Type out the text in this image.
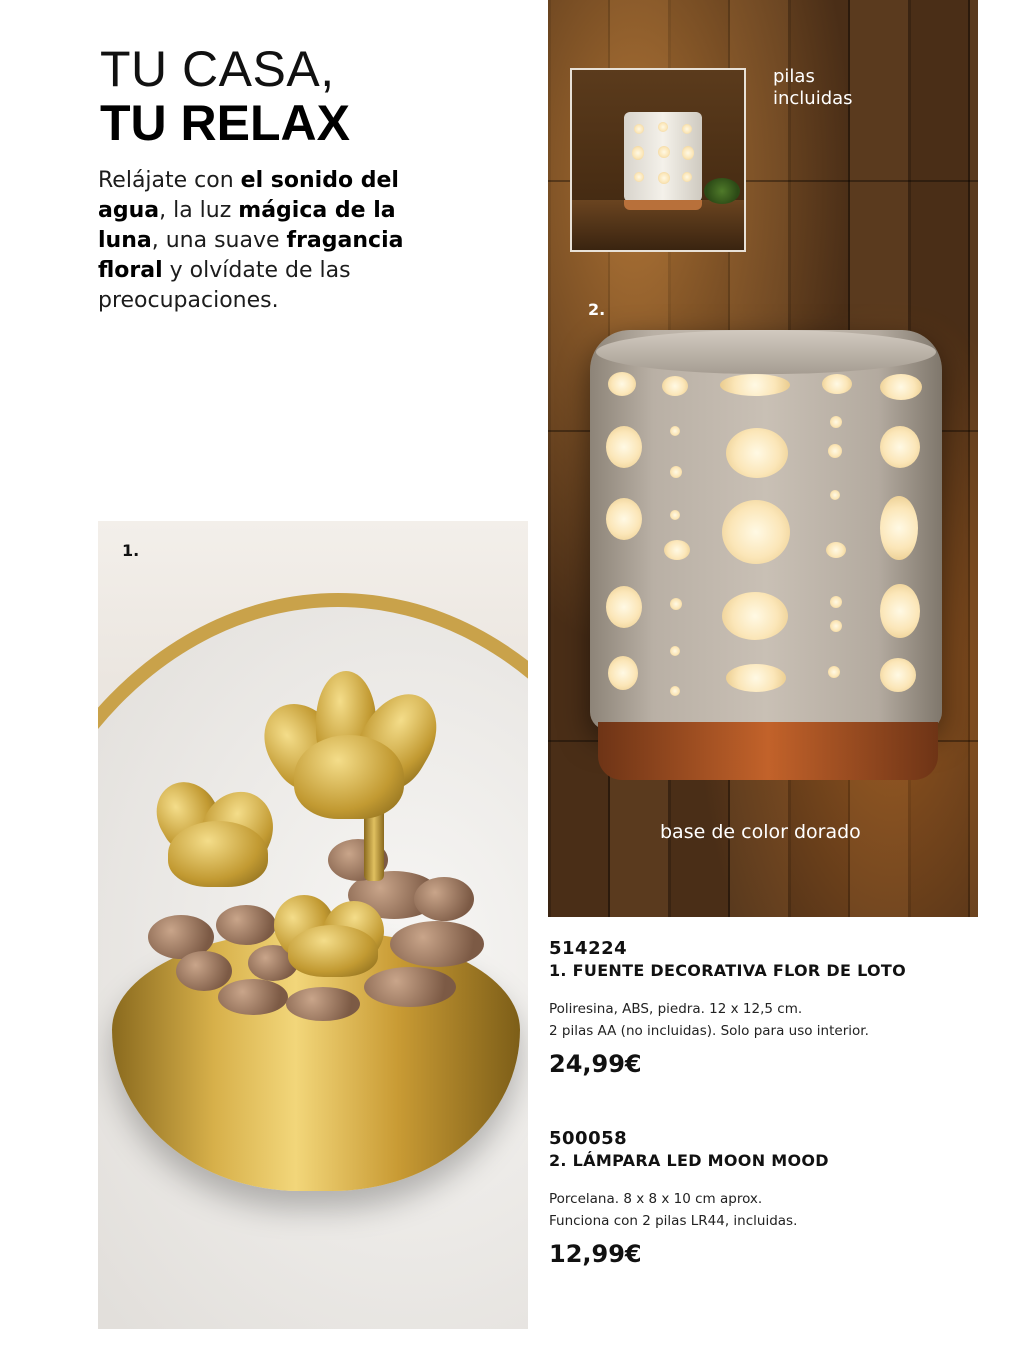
TU CASA,
TU RELAX

Relájate con el sonido del agua, la luz mágica de la luna, una suave fragancia floral y olvídate de las preocupaciones.

pilas incluidas

2.

base de color dorado

1.

514224

1. FUENTE DECORATIVA FLOR DE LOTO

Poliresina, ABS, piedra. 12 x 12,5 cm.
2 pilas AA (no incluidas). Solo para uso interior.

24,99€

500058

2. LÁMPARA LED MOON MOOD

Porcelana. 8 x 8 x 10 cm aprox.
Funciona con 2 pilas LR44, incluidas.

12,99€
